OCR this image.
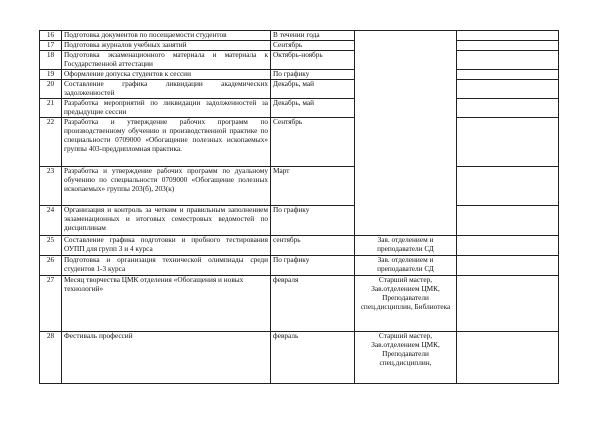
16	Подготовка документов по посещаемости студентов	В течении года		
17	Подготовка журналов учебных занятий	Сентябрь		
18	Подготовка экзаменационного материала и материала к Государственной аттестации	Октябрь-ноябрь		
19	Оформление допуска студентов к сессии	По графику		
20	Составление графика ликвидации академических задолженностей	Декабрь, май		
21	Разработка мероприятий по ликвидации задолженностей за предыдущие сессии	Декабрь, май		
22	Разработка и утверждение рабочих программ по производственному обучению и производственной практике по специальности 0709000 «Обогащение полезных ископаемых» группы 403-преддипломная практика.	Сентябрь		
23	Разработка и утверждение рабочих программ по дуальному обучению по специальности 0709000 «Обогащение полезных ископаемых» группы 203(б), 203(к)	Март		
24	Организация и контроль за четким и правильным заполнением экзаменационных и итоговых семестровых ведомостей по дисциплинам	По графику		
25	Составление графика подготовки и пробного тестирования ОУПП для групп 3 и 4 курса	сентябрь	Зав. отделением и преподаватели СД	
26	Подготовка и организация технической олимпиады среди студентов 1-3 курса	По графику	Зав. отделением и преподаватели СД	
27	Месяц творчества ЦМК отделения «Обогащения и новых технологий»	февраля	Старший мастер, Зав.отделением ЦМК, Преподаватели спец.дисциплин, Библиотека	
28	Фестиваль профессий	февраль	Старший мастер, Зав.отделением ЦМК, Преподаватели спец.дисциплин,	
